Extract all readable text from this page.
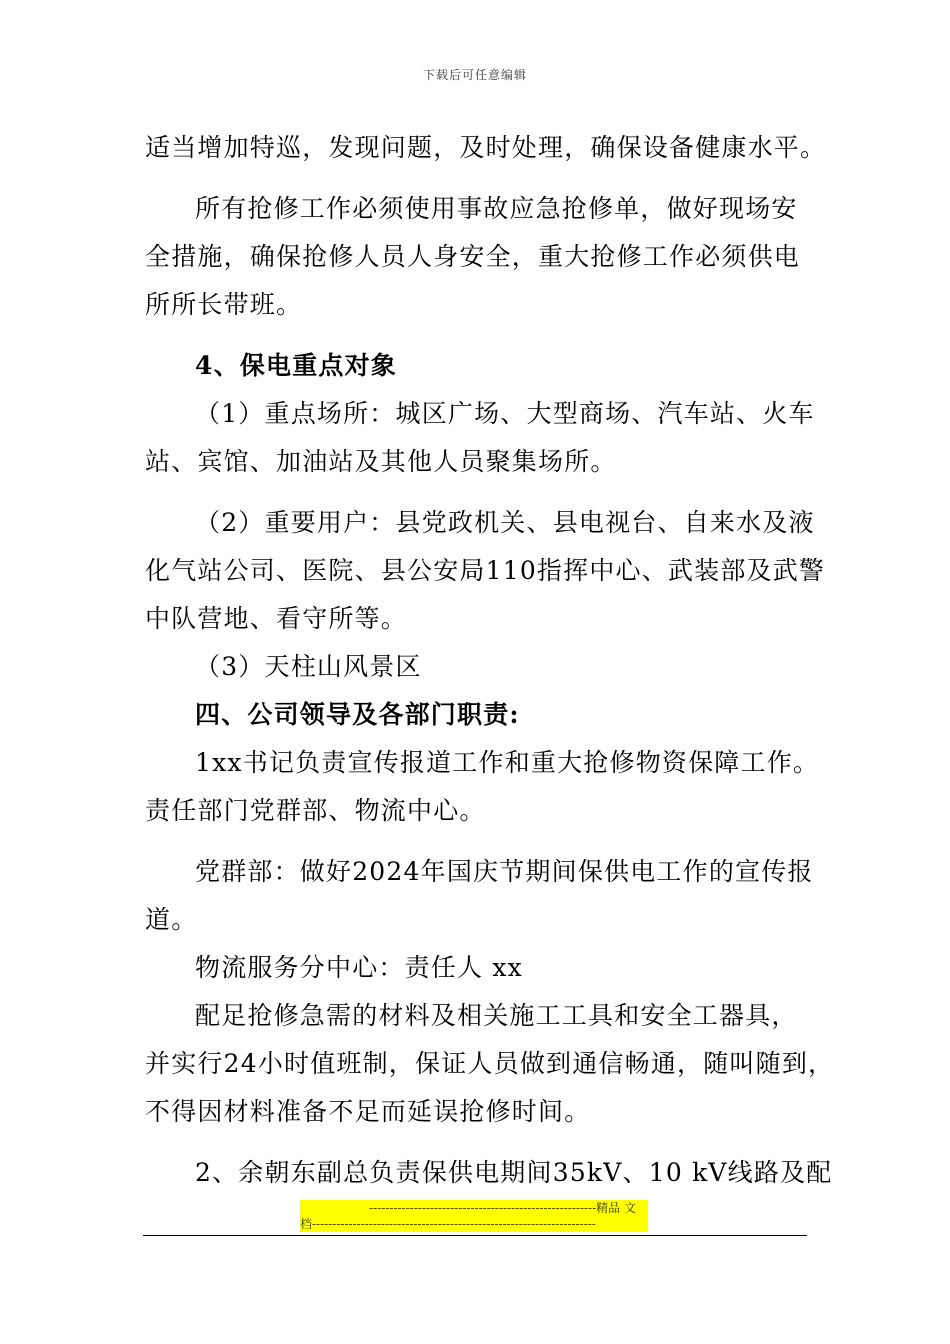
下载后可任意编辑
适当增加特巡，发现问题，及时处理，确保设备健康水平。
所有抢修工作必须使用事故应急抢修单，做好现场安
全措施，确保抢修人员人身安全，重大抢修工作必须供电
所所长带班。
4、保电重点对象
（1）重点场所：城区广场、大型商场、汽车站、火车
站、宾馆、加油站及其他人员聚集场所。
（2）重要用户：县党政机关、县电视台、自来水及液
化气站公司、医院、县公安局110指挥中心、武装部及武警
中队营地、看守所等。
（3）天柱山风景区
四、公司领导及各部门职责:
1xx书记负责宣传报道工作和重大抢修物资保障工作。
责任部门党群部、物流中心。
党群部：做好2024年国庆节期间保供电工作的宣传报
道。
物流服务分中心：责任人 xx
配足抢修急需的材料及相关施工工具和安全工器具，
并实行24小时值班制，保证人员做到通信畅通，随叫随到，
不得因材料准备不足而延误抢修时间。
2、余朝东副总负责保供电期间35kV、10 kV线路及配
--------------------------------------------------------精品 文
档----------------------------------------------------------------------
